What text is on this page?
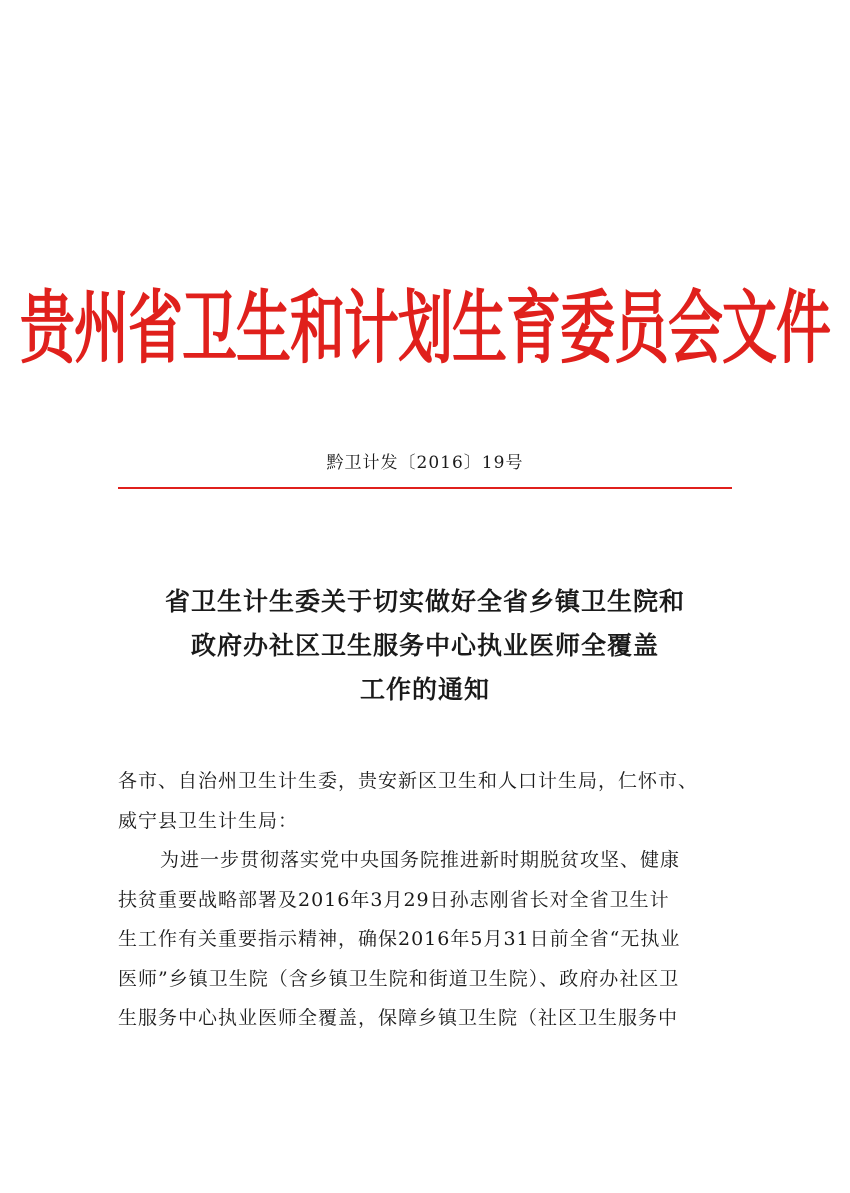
贵州省卫生和计划生育委员会文件
黔卫计发〔2016〕19号
省卫生计生委关于切实做好全省乡镇卫生院和
政府办社区卫生服务中心执业医师全覆盖
工作的通知

各市、自治州卫生计生委，贵安新区卫生和人口计生局，仁怀市、
威宁县卫生计生局：

为进一步贯彻落实党中央国务院推进新时期脱贫攻坚、健康

扶贫重要战略部署及2016年3月29日孙志刚省长对全省卫生计
生工作有关重要指示精神，确保2016年5月31日前全省“无执业
医师”乡镇卫生院（含乡镇卫生院和街道卫生院）、政府办社区卫
生服务中心执业医师全覆盖，保障乡镇卫生院（社区卫生服务中
